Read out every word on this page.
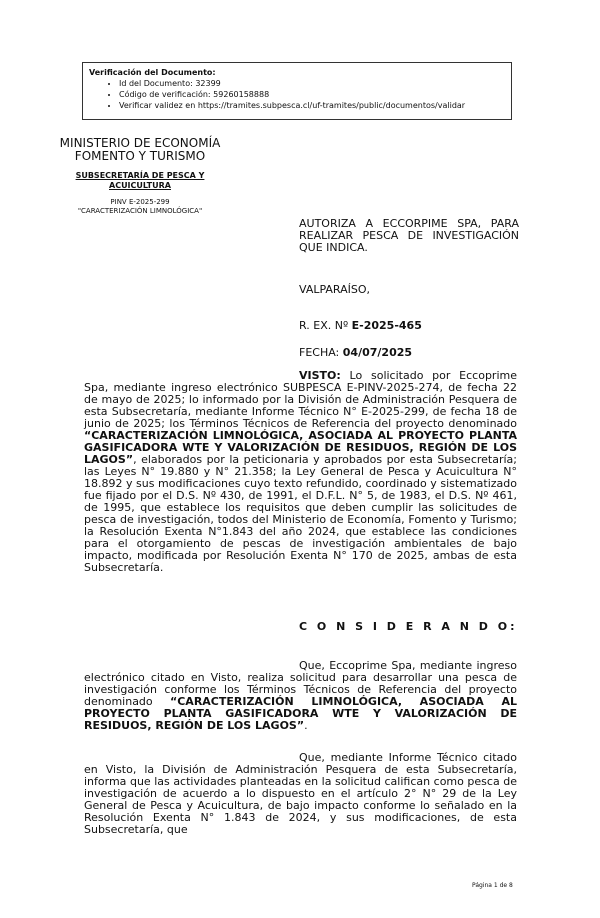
Verificación del Documento:
• Id del Documento: 32399
• Código de verificación: 59260158888
• Verificar validez en https://tramites.subpesca.cl/uf-tramites/public/documentos/validar
MINISTERIO DE ECONOMÍA
FOMENTO Y TURISMO
SUBSECRETARÍA DE PESCA Y ACUICULTURA
PINV E-2025-299
"CARACTERIZACIÓN LIMNOLÓGICA"
AUTORIZA A ECCORPIME SPA, PARA REALIZAR PESCA DE INVESTIGACIÓN QUE INDICA.
VALPARAÍSO,
R. EX. Nº E-2025-465
FECHA: 04/07/2025
VISTO: Lo solicitado por Eccoprime Spa, mediante ingreso electrónico SUBPESCA E-PINV-2025-274, de fecha 22 de mayo de 2025; lo informado por la División de Administración Pesquera de esta Subsecretaría, mediante Informe Técnico N° E-2025-299, de fecha 18 de junio de 2025; los Términos Técnicos de Referencia del proyecto denominado “CARACTERIZACIÓN LIMNOLÓGICA, ASOCIADA AL PROYECTO PLANTA GASIFICADORA WTE Y VALORIZACIÓN DE RESIDUOS, REGIÓN DE LOS LAGOS”, elaborados por la peticionaria y aprobados por esta Subsecretaría; las Leyes N° 19.880 y N° 21.358; la Ley General de Pesca y Acuicultura N° 18.892 y sus modificaciones cuyo texto refundido, coordinado y sistematizado fue fijado por el D.S. Nº 430, de 1991, el D.F.L. N° 5, de 1983, el D.S. Nº 461, de 1995, que establece los requisitos que deben cumplir las solicitudes de pesca de investigación, todos del Ministerio de Economía, Fomento y Turismo; la Resolución Exenta N°1.843 del año 2024, que establece las condiciones para el otorgamiento de pescas de investigación ambientales de bajo impacto, modificada por Resolución Exenta N° 170 de 2025, ambas de esta Subsecretaría.
C O N S I D E R A N D O:
Que, Eccoprime Spa, mediante ingreso electrónico citado en Visto, realiza solicitud para desarrollar una pesca de investigación conforme los Términos Técnicos de Referencia del proyecto denominado “CARACTERIZACIÓN LIMNOLÓGICA, ASOCIADA AL PROYECTO PLANTA GASIFICADORA WTE Y VALORIZACIÓN DE RESIDUOS, REGIÓN DE LOS LAGOS”.
Que, mediante Informe Técnico citado en Visto, la División de Administración Pesquera de esta Subsecretaría, informa que las actividades planteadas en la solicitud califican como pesca de investigación de acuerdo a lo dispuesto en el artículo 2° N° 29 de la Ley General de Pesca y Acuicultura, de bajo impacto conforme lo señalado en la Resolución Exenta N° 1.843 de 2024, y sus modificaciones, de esta Subsecretaría, que
Página 1 de 8
